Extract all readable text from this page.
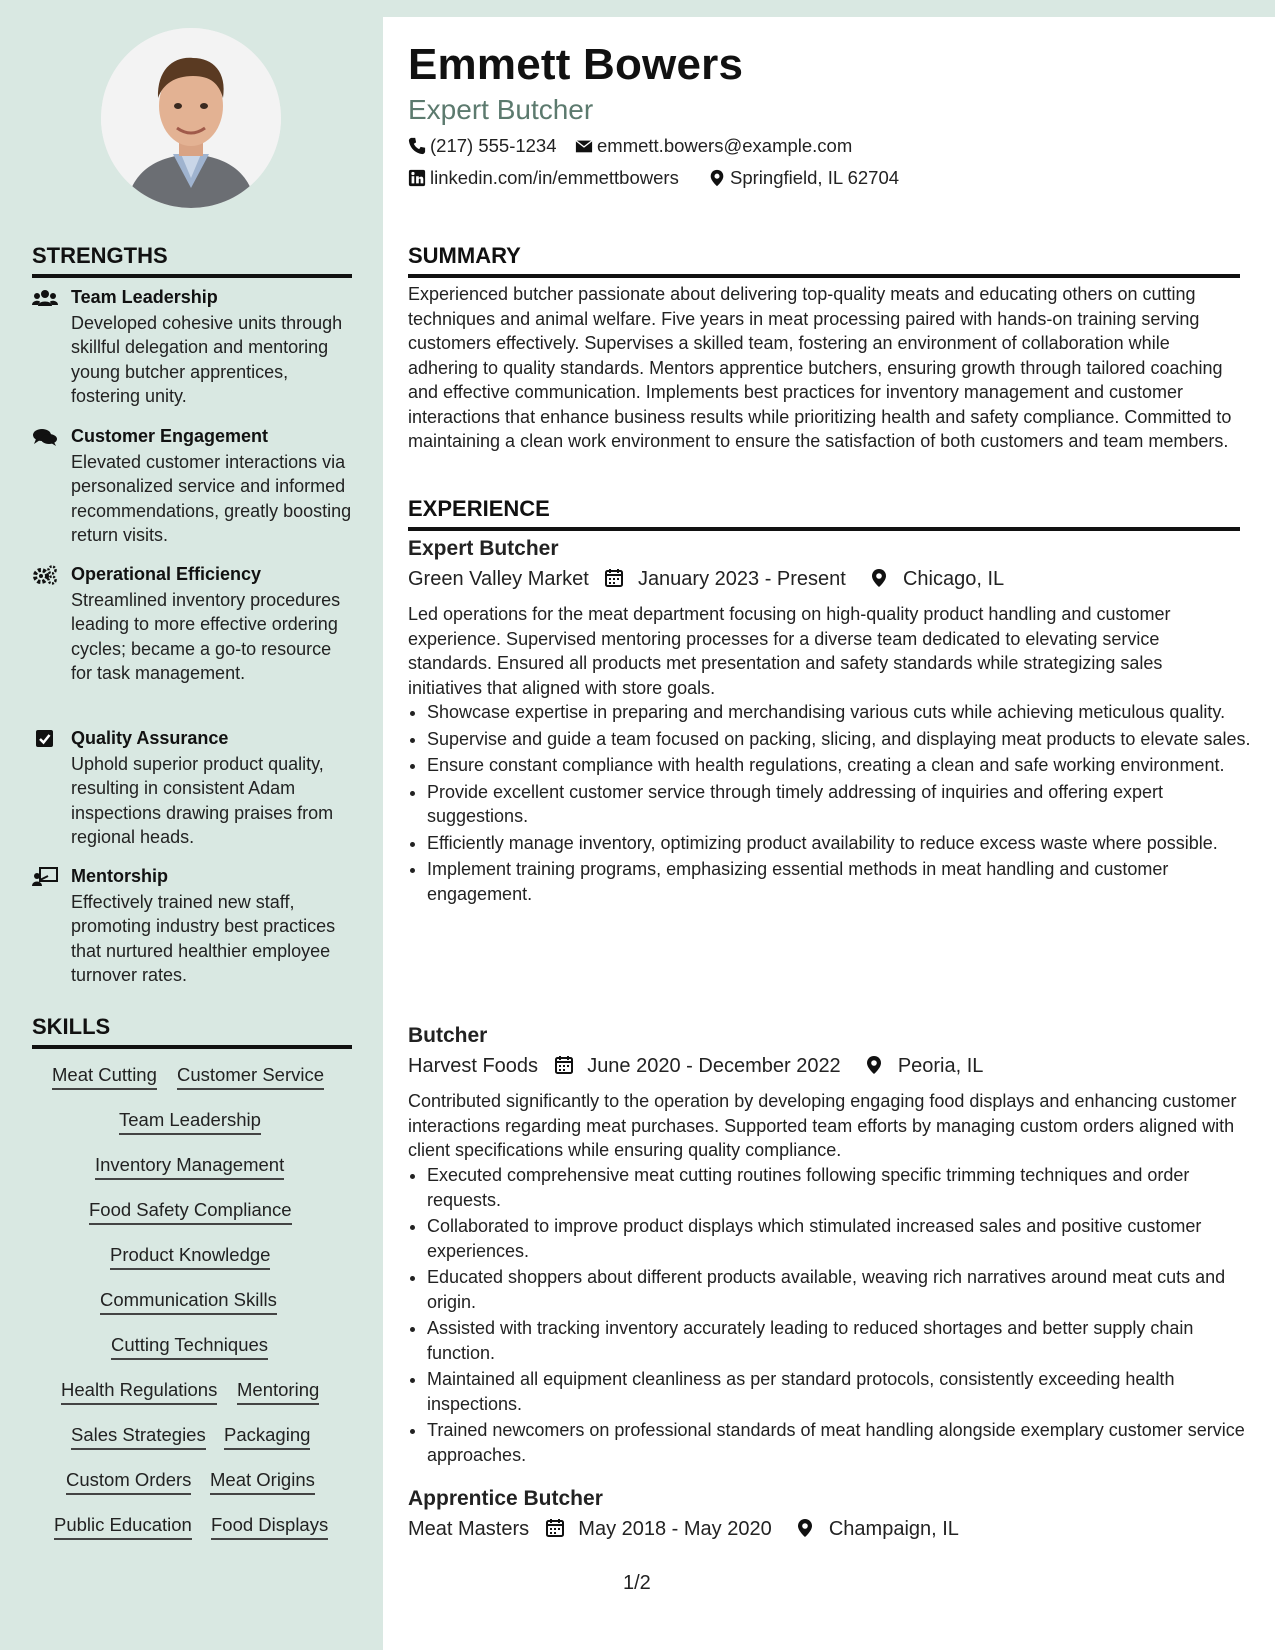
STRENGTHS
Team Leadership
Developed cohesive units through skillful delegation and mentoring young butcher apprentices, fostering unity.
Customer Engagement
Elevated customer interactions via personalized service and informed recommendations, greatly boosting return visits.
Operational Efficiency
Streamlined inventory procedures leading to more effective ordering cycles; became a go-to resource for task management.
Quality Assurance
Uphold superior product quality, resulting in consistent Adam inspections drawing praises from regional heads.
Mentorship
Effectively trained new staff, promoting industry best practices that nurtured healthier employee turnover rates.
SKILLS
Meat Cutting Customer Service
Team Leadership
Inventory Management
Food Safety Compliance
Product Knowledge
Communication Skills
Cutting Techniques
Health Regulations Mentoring
Sales Strategies Packaging
Custom Orders Meat Origins
Public Education Food Displays
Emmett Bowers
Expert Butcher
(217) 555-1234	emmett.bowers@example.com
linkedin.com/in/emmettbowers	Springfield, IL 62704
SUMMARY

Experienced butcher passionate about delivering top-quality meats and educating others on cutting techniques and animal welfare. Five years in meat processing paired with hands-on training serving customers effectively. Supervises a skilled team, fostering an environment of collaboration while adhering to quality standards. Mentors apprentice butchers, ensuring growth through tailored coaching and effective communication. Implements best practices for inventory management and customer interactions that enhance business results while prioritizing health and safety compliance. Committed to maintaining a clean work environment to ensure the satisfaction of both customers and team members.

EXPERIENCE
Expert Butcher
Green Valley Market January 2023 - Present	Chicago, IL

Led operations for the meat department focusing on high-quality product handling and customer experience. Supervised mentoring processes for a diverse team dedicated to elevating service standards. Ensured all products met presentation and safety standards while strategizing sales initiatives that aligned with store goals.

• Showcase expertise in preparing and merchandising various cuts while achieving meticulous quality.
• Supervise and guide a team focused on packing, slicing, and displaying meat products to elevate sales.
• Ensure constant compliance with health regulations, creating a clean and safe working environment.
• Provide excellent customer service through timely addressing of inquiries and offering expert suggestions.
• Efficiently manage inventory, optimizing product availability to reduce excess waste where possible.
• Implement training programs, emphasizing essential methods in meat handling and customer engagement.
Butcher
Harvest Foods June 2020 - December 2022	Peoria, IL

Contributed significantly to the operation by developing engaging food displays and enhancing customer interactions regarding meat purchases. Supported team efforts by managing custom orders aligned with client specifications while ensuring quality compliance.

• Executed comprehensive meat cutting routines following specific trimming techniques and order requests.
• Collaborated to improve product displays which stimulated increased sales and positive customer experiences.
• Educated shoppers about different products available, weaving rich narratives around meat cuts and origin.
• Assisted with tracking inventory accurately leading to reduced shortages and better supply chain function.
• Maintained all equipment cleanliness as per standard protocols, consistently exceeding health inspections.
• Trained newcomers on professional standards of meat handling alongside exemplary customer service approaches.
Apprentice Butcher
Meat Masters May 2018 - May 2020	Champaign, IL
1/2
